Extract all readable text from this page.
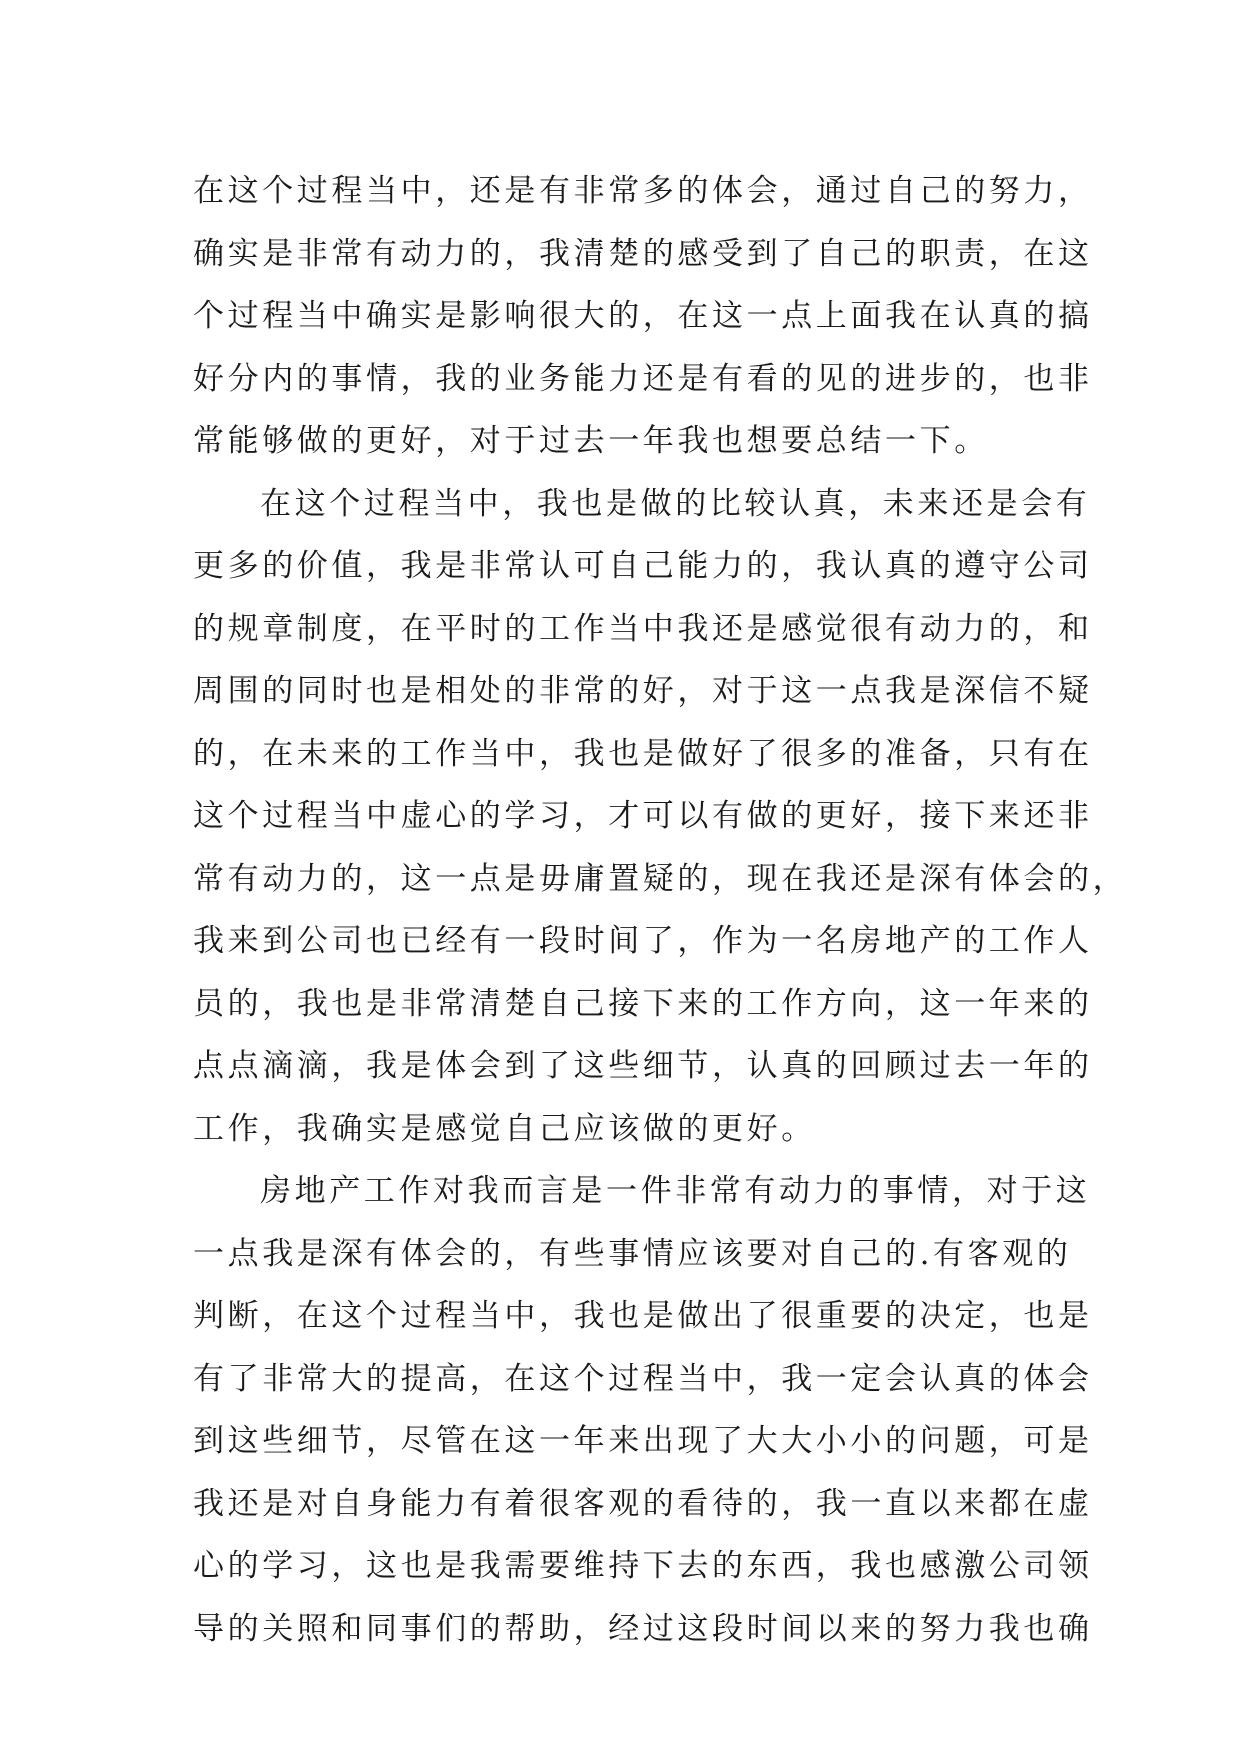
在这个过程当中，还是有非常多的体会，通过自己的努力，
确实是非常有动力的，我清楚的感受到了自己的职责，在这
个过程当中确实是影响很大的，在这一点上面我在认真的搞
好分内的事情，我的业务能力还是有看的见的进步的，也非
常能够做的更好，对于过去一年我也想要总结一下。
在这个过程当中，我也是做的比较认真，未来还是会有
更多的价值，我是非常认可自己能力的，我认真的遵守公司
的规章制度，在平时的工作当中我还是感觉很有动力的，和
周围的同时也是相处的非常的好，对于这一点我是深信不疑
的，在未来的工作当中，我也是做好了很多的准备，只有在
这个过程当中虚心的学习，才可以有做的更好，接下来还非
常有动力的，这一点是毋庸置疑的，现在我还是深有体会的，
我来到公司也已经有一段时间了，作为一名房地产的工作人
员的，我也是非常清楚自己接下来的工作方向，这一年来的
点点滴滴，我是体会到了这些细节，认真的回顾过去一年的
工作，我确实是感觉自己应该做的更好。
房地产工作对我而言是一件非常有动力的事情，对于这
一点我是深有体会的，有些事情应该要对自己的.有客观的
判断，在这个过程当中，我也是做出了很重要的决定，也是
有了非常大的提高，在这个过程当中，我一定会认真的体会
到这些细节，尽管在这一年来出现了大大小小的问题，可是
我还是对自身能力有着很客观的看待的，我一直以来都在虚
心的学习，这也是我需要维持下去的东西，我也感激公司领
导的关照和同事们的帮助，经过这段时间以来的努力我也确
